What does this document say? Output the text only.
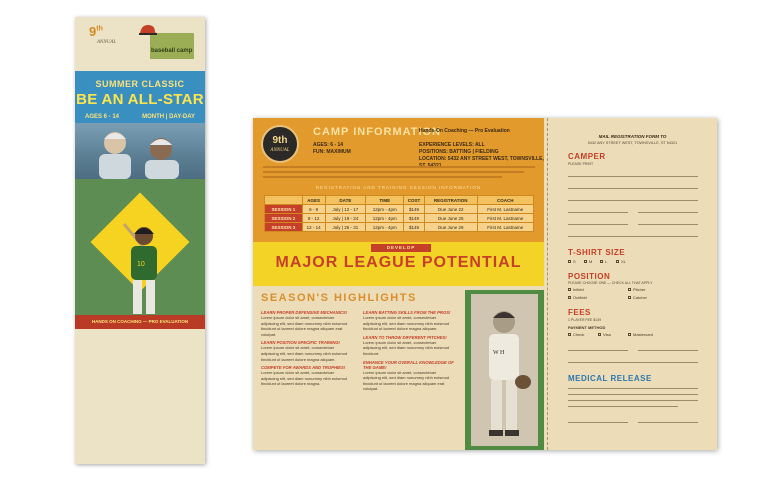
9th
ANNUAL
baseball camp
SUMMER CLASSIC
BE AN ALL-STAR
AGES 6 - 14	MONTH | DAY-DAY
10
HANDS ON COACHING — PRO EVALUATION
9th
ANNUAL
CAMP INFORMATION
Hands-On Coaching — Pro Evaluation
AGES: 6 - 14
FUN: MAXIMUM
EXPERIENCE LEVELS: ALL
POSITIONS: BATTING | FIELDING
LOCATION: 5432 ANY STREET WEST, TOWNSVILLE,
REGISTRATION AND TRAINING SESSION INFORMATION
	AGES	DATE	TIME	COST	REGISTRATION	COACH
SESSION 1	6 - 9	July | 12 - 17	12pm - 4pm	$149	Due June 22	First M. Lastname
SESSION 2	9 - 12	July | 19 - 24	12pm - 4pm	$149	Due June 25	First M. Lastname
SESSION 3	12 - 14	July | 26 - 31	12pm - 4pm	$149	Due June 29	First M. Lastname
DEVELOP
MAJOR LEAGUE POTENTIAL
SEASON'S HIGHLIGHTS
LEARN PROPER DEFENSIVE MECHANICS!

Lorem ipsum dolor sit amet, consectetuer adipiscing elit, sed diam nonummy nibh euismod tincidunt ut laoreet dolore magna aliquam erat volutpat.

LEARN POSITION SPECIFIC TRAINING!

Lorem ipsum dolor sit amet, consectetuer adipiscing elit, sed diam nonummy nibh euismod tincidunt ut laoreet dolore magna aliquam.

COMPETE FOR AWARDS AND TROPHIES!

Lorem ipsum dolor sit amet, consectetuer adipiscing elit, sed diam nonummy nibh euismod tincidunt ut laoreet dolore magna.

LEARN BATTING SKILLS FROM THE PROS!

Lorem ipsum dolor sit amet, consectetuer adipiscing elit, sed diam nonummy nibh euismod tincidunt ut laoreet dolore magna aliquam.

LEARN TO THROW DIFFERENT PITCHES!

Lorem ipsum dolor sit amet, consectetuer adipiscing elit, sed diam nonummy nibh euismod tincidunt.

ENHANCE YOUR OVERALL KNOWLEDGE OF THE GAME!

Lorem ipsum dolor sit amet, consectetuer adipiscing elit, sed diam nonummy nibh euismod tincidunt ut laoreet dolore magna aliquam erat volutpat.

W H
MAIL REGISTRATION FORM TO
5432 ANY STREET WEST, TOWNSVILLE, ST 54321
CAMPER
PLEASE PRINT
T-SHIRT SIZE
S	M	L	XL
POSITION
PLEASE CHOOSE ONE — CHECK ALL THAT APPLY
Infield	Pitcher
Outfield	Catcher
FEES
1 PLAYER FEE $149
PAYMENT METHOD
Check	Visa	Mastercard
MEDICAL RELEASE
